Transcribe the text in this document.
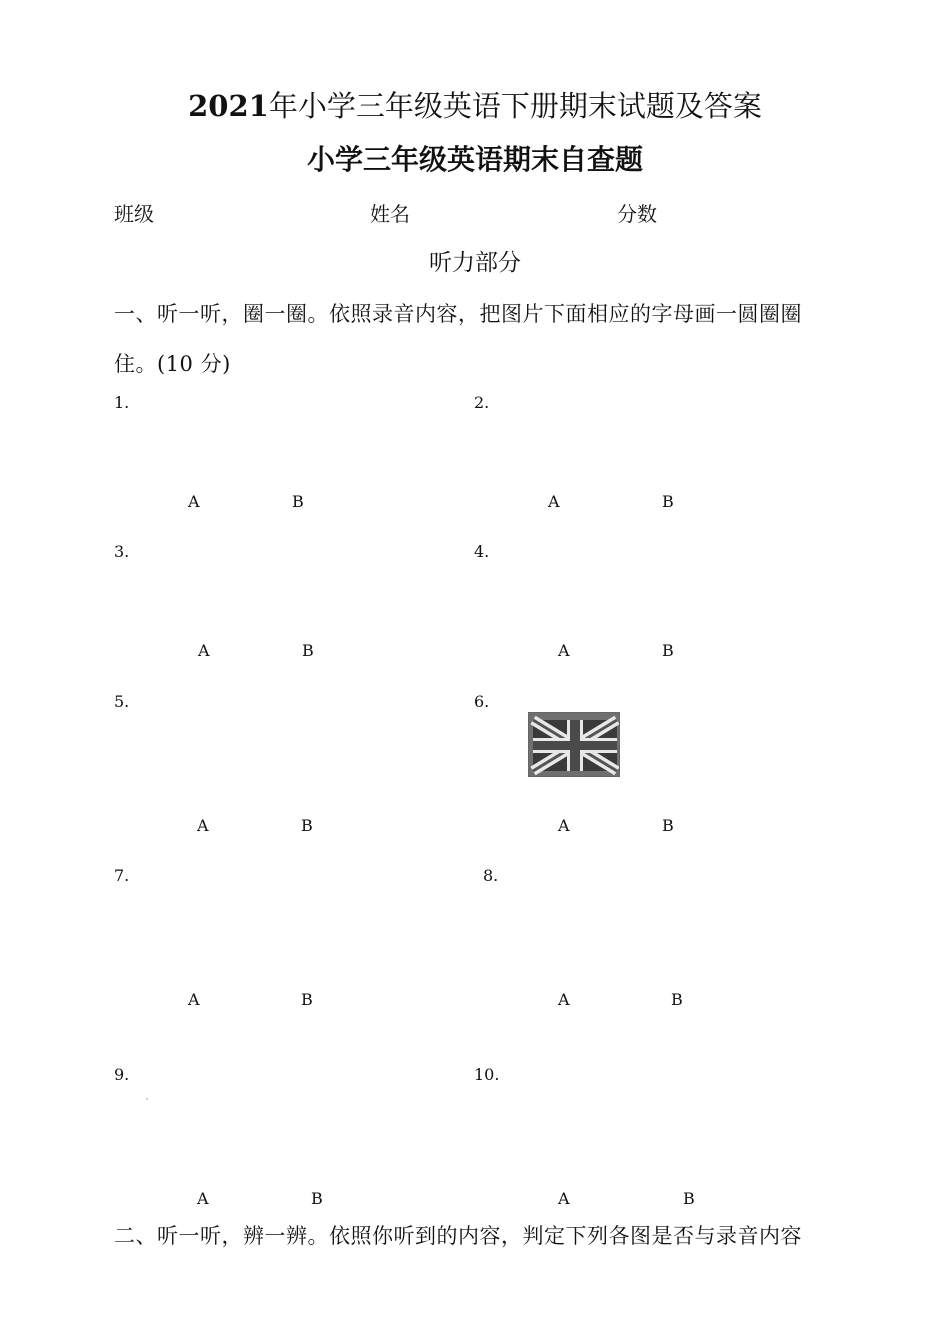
2021年小学三年级英语下册期末试题及答案
小学三年级英语期末自查题
班级	姓名	分数
听力部分
一、听一听，圈一圈。依照录音内容，把图片下面相应的字母画一圆圈圈
住。(10 分)
1.
A	B
2.
A	B
3.
A	B
4.
A	B
5.
A	B
6.
A	B
7.
A	B
8.
A	B
9.
A	B
10.
A	B
二、听一听，辨一辨。依照你听到的内容，判定下列各图是否与录音内容
